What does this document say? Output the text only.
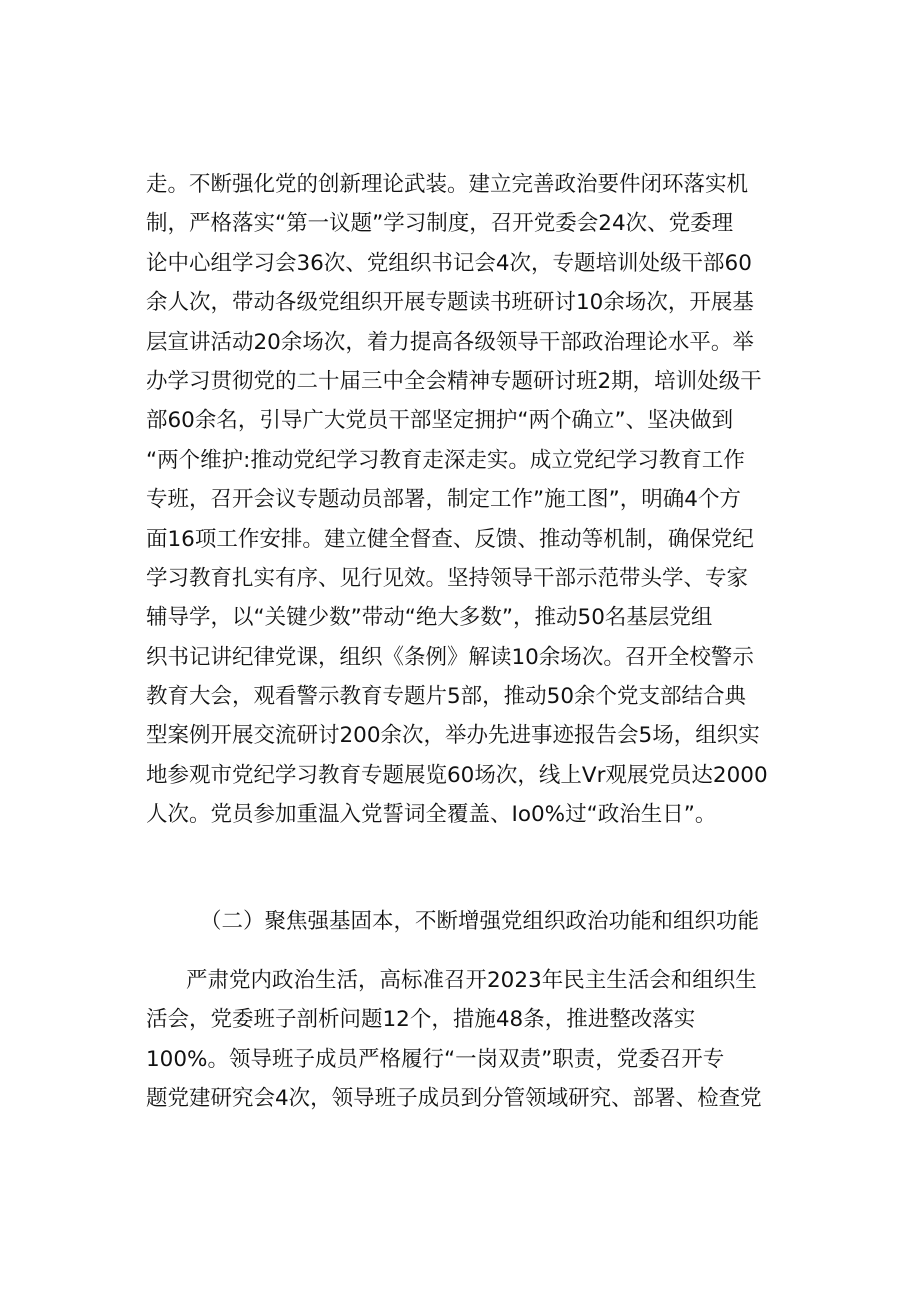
走。不断强化党的创新理论武装。建立完善政治要件闭环落实机
制，严格落实“第一议题”学习制度，召开党委会24次、党委理
论中心组学习会36次、党组织书记会4次，专题培训处级干部60
余人次，带动各级党组织开展专题读书班研讨10余场次，开展基
层宣讲活动20余场次，着力提高各级领导干部政治理论水平。举
办学习贯彻党的二十届三中全会精神专题研讨班2期，培训处级干
部60余名，引导广大党员干部坚定拥护“两个确立”、坚决做到
“两个维护:推动党纪学习教育走深走实。成立党纪学习教育工作
专班，召开会议专题动员部署，制定工作”施工图”，明确4个方
面16项工作安排。建立健全督查、反馈、推动等机制，确保党纪
学习教育扎实有序、见行见效。坚持领导干部示范带头学、专家
辅导学，以“关键少数”带动“绝大多数”，推动50名基层党组
织书记讲纪律党课，组织《条例》解读10余场次。召开全校警示
教育大会，观看警示教育专题片5部，推动50余个党支部结合典
型案例开展交流研讨200余次，举办先进事迹报告会5场，组织实
地参观市党纪学习教育专题展览60场次，线上Vr观展党员达2000
人次。党员参加重温入党誓词全覆盖、Io0%过“政治生日”。
（二）聚焦强基固本，不断增强党组织政治功能和组织功能
严肃党内政治生活，高标准召开2023年民主生活会和组织生
活会，党委班子剖析问题12个，措施48条，推进整改落实
100%。领导班子成员严格履行“一岗双责”职责，党委召开专
题党建研究会4次，领导班子成员到分管领域研究、部署、检查党
